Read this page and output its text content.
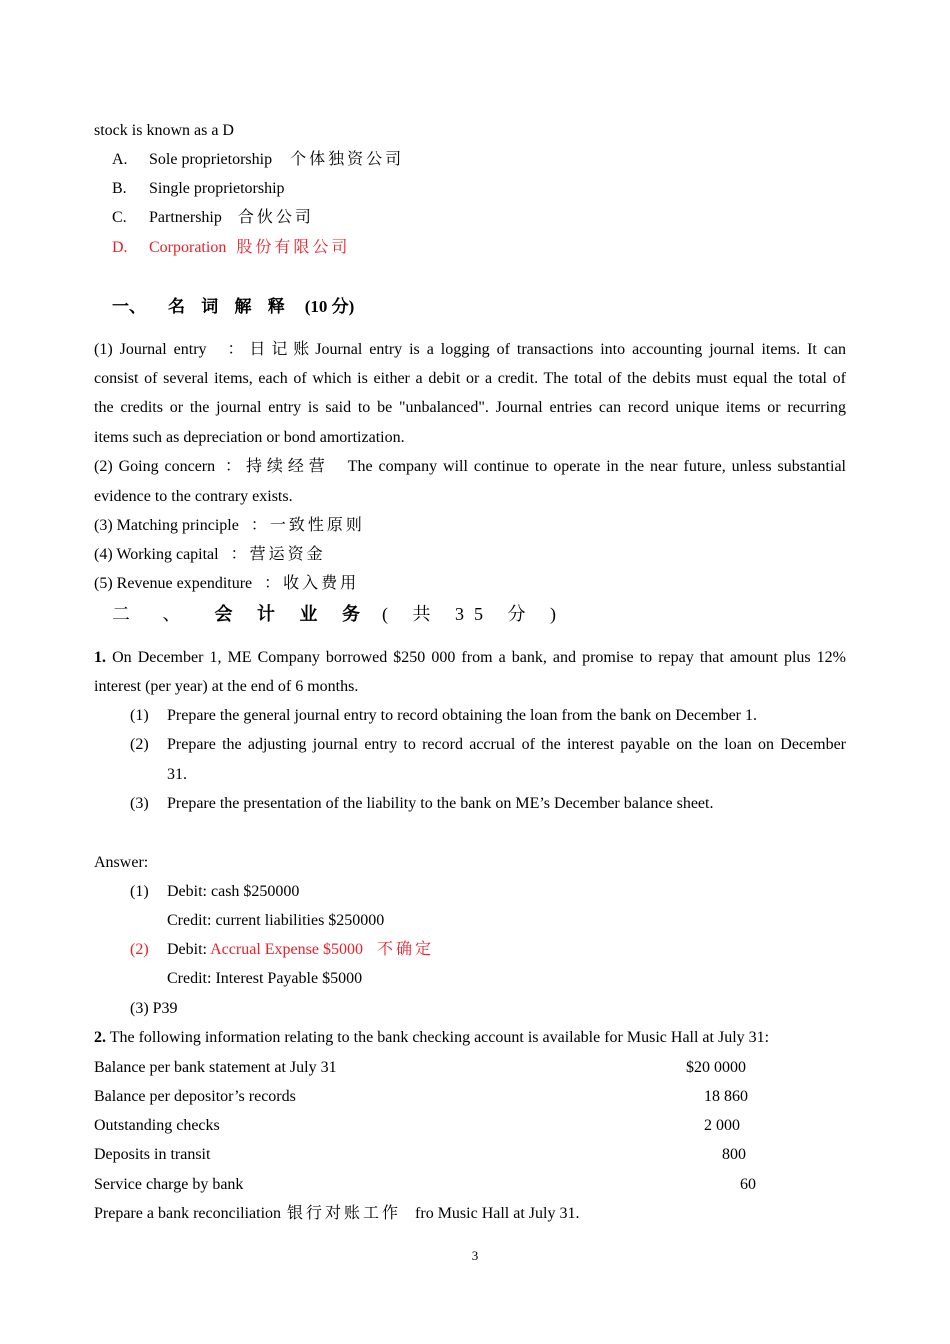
stock is known as a D
A. Sole proprietorship 个体独资公司
B. Single proprietorship
C. Partnership 合伙公司
D. Corporation 股份有限公司
一、 名 词 解 释 (10 分)
(1) Journal entry ：日记账Journal entry is a logging of transactions into accounting journal items. It can
consist of several items, each of which is either a debit or a credit. The total of the debits must equal the total of
the credits or the journal entry is said to be "unbalanced". Journal entries can record unique items or recurring
items such as depreciation or bond amortization.
(2) Going concern ：持续经营 The company will continue to operate in the near future, unless substantial
evidence to the contrary exists.
(3) Matching principle ：一致性原则
(4) Working capital ：营运资金
(5) Revenue expenditure ：收入费用
二 、 会 计 业 务 ( 共 35 分 )
1. On December 1, ME Company borrowed $250 000 from a bank, and promise to repay that amount plus 12%
interest (per year) at the end of 6 months.
(1) Prepare the general journal entry to record obtaining the loan from the bank on December 1.
(2) Prepare the adjusting journal entry to record accrual of the interest payable on the loan on December
31.
(3) Prepare the presentation of the liability to the bank on ME’s December balance sheet.
Answer:
(1) Debit: cash $250000
Credit: current liabilities $250000
(2) Debit: Accrual Expense $5000 不确定
Credit: Interest Payable $5000
(3) P39
2. The following information relating to the bank checking account is available for Music Hall at July 31:
Balance per bank statement at July 31	$20 0000
Balance per depositor’s records	18 860
Outstanding checks	2 000
Deposits in transit	800
Service charge by bank	60
Prepare a bank reconciliation 银行对账工作 fro Music Hall at July 31.
3
